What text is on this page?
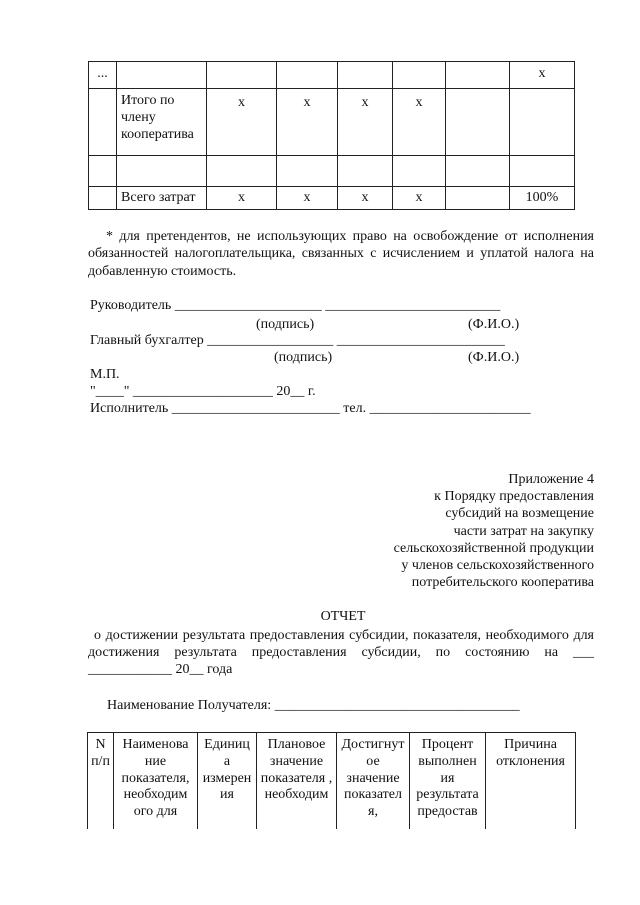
...							x
	Итого по члену кооператива	x	x	x	x		

	Всего затрат	x	x	x	x		100%
* для претендентов, не использующих право на освобождение от исполнения обязанностей налогоплательщика, связанных с исчислением и уплатой налога на добавленную стоимость.
Руководитель _____________________ _________________________
(подпись)	(Ф.И.О.)
Главный бухгалтер __________________ ________________________
(подпись)	(Ф.И.О.)
М.П.
"____" ____________________ 20__ г.
Исполнитель ________________________ тел. _______________________
Приложение 4
к Порядку предоставления
субсидий на возмещение
части затрат на закупку
сельскохозяйственной продукции
у членов сельскохозяйственного
потребительского кооператива
ОТЧЕТ
о достижении результата предоставления субсидии, показателя, необходимого для достижения результата предоставления субсидии, по состоянию на ___ ____________ 20__ года
Наименование Получателя: ___________________________________
N п/п	Наименова ние показателя, необходим ого для	Единиц а измерен ия	Плановое значение показателя , необходим	Достигнут ое значение показател я,	Процент выполнен ия результата предостав	Причина отклонения
